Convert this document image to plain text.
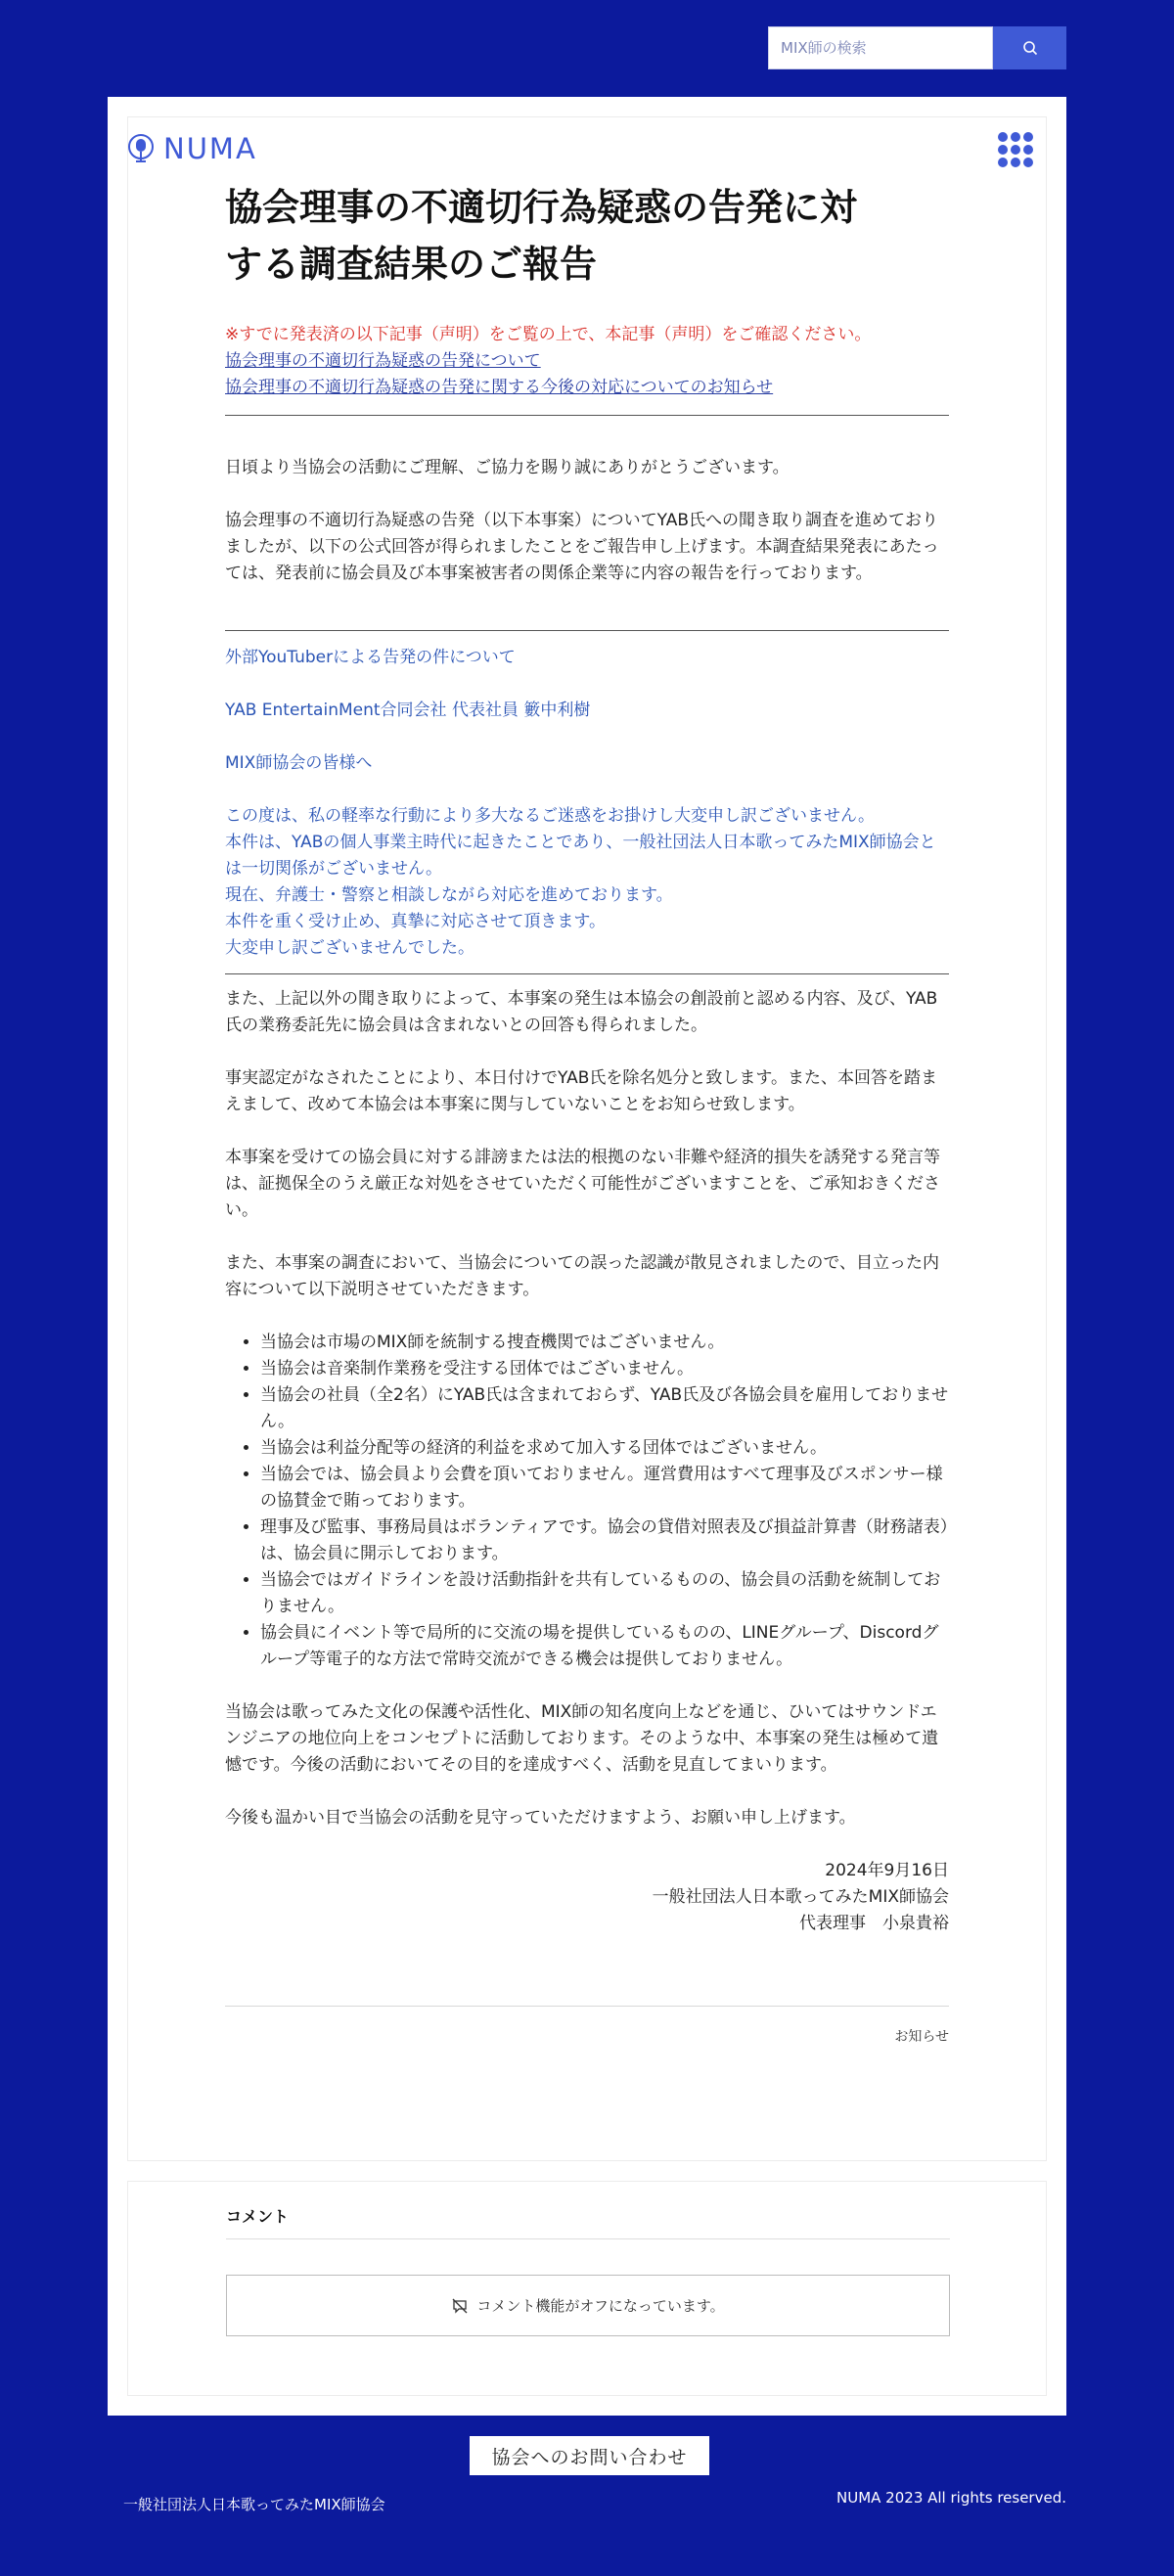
MIX師の検索
コメント
コメント機能がオフになっています。
NUMA
協会理事の不適切行為疑惑の告発に対
する調査結果のご報告
※すでに発表済の以下記事（声明）をご覧の上で、本記事（声明）をご確認ください。
協会理事の不適切行為疑惑の告発について
協会理事の不適切行為疑惑の告発に関する今後の対応についてのお知らせ

日頃より当協会の活動にご理解、ご協力を賜り誠にありがとうございます。

協会理事の不適切行為疑惑の告発（以下本事案）についてYAB氏への聞き取り調査を進めておりましたが、以下の公式回答が得られましたことをご報告申し上げます。本調査結果発表にあたっては、発表前に協会員及び本事案被害者の関係企業等に内容の報告を行っております。

外部YouTuberによる告発の件について
YAB EntertainMent合同会社 代表社員 籔中利樹
MIX師協会の皆様へ
この度は、私の軽率な行動により多大なるご迷惑をお掛けし大変申し訳ございません。
本件は、YABの個人事業主時代に起きたことであり、一般社団法人日本歌ってみたMIX師協会とは一切関係がございません。
現在、弁護士・警察と相談しながら対応を進めております。
本件を重く受け止め、真摯に対応させて頂きます。
大変申し訳ございませんでした。

また、上記以外の聞き取りによって、本事案の発生は本協会の創設前と認める内容、及び、YAB氏の業務委託先に協会員は含まれないとの回答も得られました。

事実認定がなされたことにより、本日付けでYAB氏を除名処分と致します。また、本回答を踏まえまして、改めて本協会は本事案に関与していないことをお知らせ致します。

本事案を受けての協会員に対する誹謗または法的根拠のない非難や経済的損失を誘発する発言等は、証拠保全のうえ厳正な対処をさせていただく可能性がございますことを、ご承知おきください。

また、本事案の調査において、当協会についての誤った認識が散見されましたので、目立った内容について以下説明させていただきます。

• 当協会は市場のMIX師を統制する捜査機関ではございません。
• 当協会は音楽制作業務を受注する団体ではございません。
• 当協会の社員（全2名）にYAB氏は含まれておらず、YAB氏及び各協会員を雇用しておりません。
• 当協会は利益分配等の経済的利益を求めて加入する団体ではございません。
• 当協会では、協会員より会費を頂いておりません。運営費用はすべて理事及びスポンサー様の協賛金で賄っております。
• 理事及び監事、事務局員はボランティアです。協会の貸借対照表及び損益計算書（財務諸表）は、協会員に開示しております。
• 当協会ではガイドラインを設け活動指針を共有しているものの、協会員の活動を統制しておりません。
• 協会員にイベント等で局所的に交流の場を提供しているものの、LINEグループ、Discordグループ等電子的な方法で常時交流ができる機会は提供しておりません。

当協会は歌ってみた文化の保護や活性化、MIX師の知名度向上などを通じ、ひいてはサウンドエンジニアの地位向上をコンセプトに活動しております。そのような中、本事案の発生は極めて遺憾です。今後の活動においてその目的を達成すべく、活動を見直してまいります。

今後も温かい目で当協会の活動を見守っていただけますよう、お願い申し上げます。

2024年9月16日
一般社団法人日本歌ってみたMIX師協会
代表理事　小泉貴裕
お知らせ
協会へのお問い合わせ
一般社団法人日本歌ってみたMIX師協会	NUMA 2023 All rights reserved.
